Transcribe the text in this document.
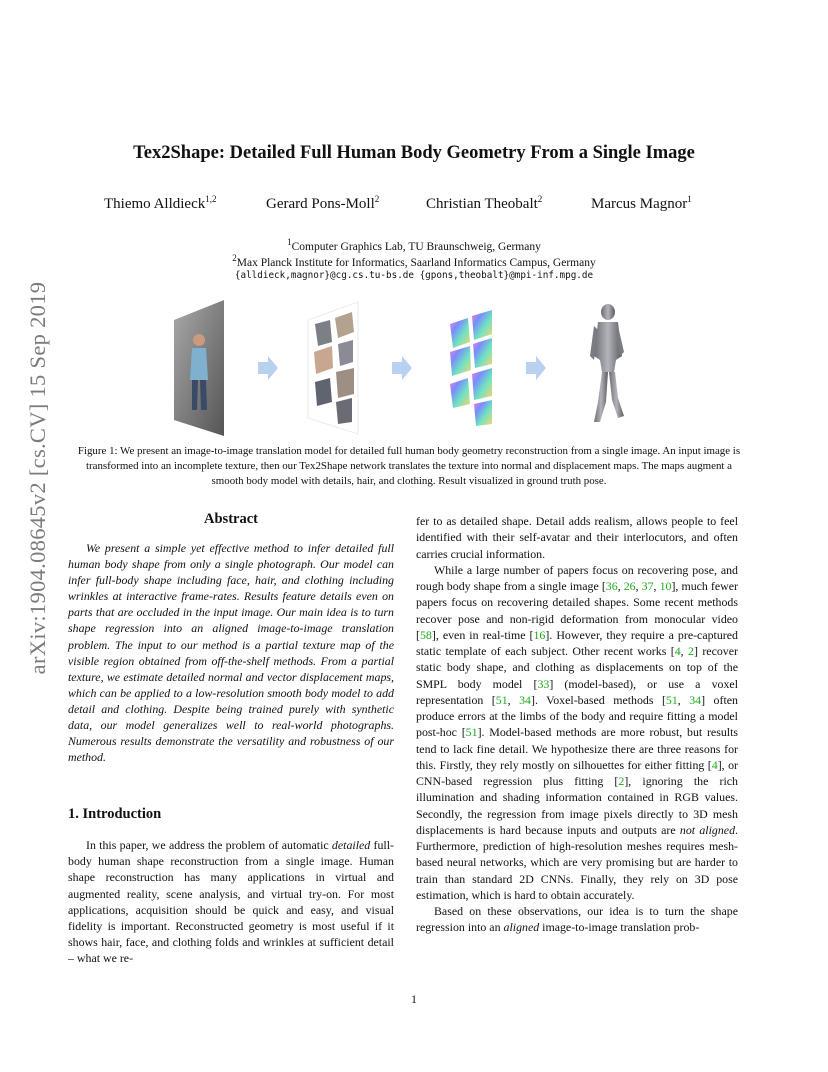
Tex2Shape: Detailed Full Human Body Geometry From a Single Image
Thiemo Alldieck$^{1,2}$	Gerard Pons-Moll$^2$	Christian Theobalt$^2$	Marcus Magnor$^1$
$^1$Computer Graphics Lab, TU Braunschweig, Germany
$^2$Max Planck Institute for Informatics, Saarland Informatics Campus, Germany
{alldieck,magnor}@cg.cs.tu-bs.de {gpons,theobalt}@mpi-inf.mpg.de
arXiv:1904.08645v2 [cs.CV] 15 Sep 2019	Figure 1: We present an image-to-image translation model for detailed full human body geometry reconstruction from a single image. An input image is transformed into an incomplete texture, then our Tex2Shape network translates the texture into normal and displacement maps. The maps augment a smooth body model with details, hair, and clothing. Result visualized in ground truth pose.
Abstract

We present a simple yet effective method to infer detailed full human body shape from only a single photograph. Our model can infer full-body shape including face, hair, and clothing including wrinkles at interactive frame-rates. Results feature details even on parts that are occluded in the input image. Our main idea is to turn shape regression into an aligned image-to-image translation problem. The input to our method is a partial texture map of the visible region obtained from off-the-shelf methods. From a partial texture, we estimate detailed normal and vector displacement maps, which can be applied to a low-resolution smooth body model to add detail and clothing. Despite being trained purely with synthetic data, our model generalizes well to real-world photographs. Numerous results demonstrate the versatility and robustness of our method.

1. Introduction

In this paper, we address the problem of automatic detailed full-body human shape reconstruction from a single image. Human shape reconstruction has many applications in virtual and augmented reality, scene analysis, and virtual try-on. For most applications, acquisition should be quick and easy, and visual fidelity is important. Reconstructed geometry is most useful if it shows hair, face, and clothing folds and wrinkles at sufficient detail – what we re-

fer to as detailed shape. Detail adds realism, allows people to feel identified with their self-avatar and their interlocutors, and often carries crucial information.

While a large number of papers focus on recovering pose, and rough body shape from a single image [36, 26, 37, 10], much fewer papers focus on recovering detailed shapes. Some recent methods recover pose and non-rigid deformation from monocular video [58], even in real-time [16]. However, they require a pre-captured static template of each subject. Other recent works [4, 2] recover static body shape, and clothing as displacements on top of the SMPL body model [33] (model-based), or use a voxel representation [51, 34]. Voxel-based methods [51, 34] often produce errors at the limbs of the body and require fitting a model post-hoc [51]. Model-based methods are more robust, but results tend to lack fine detail. We hypothesize there are three reasons for this. Firstly, they rely mostly on silhouettes for either fitting [4], or CNN-based regression plus fitting [2], ignoring the rich illumination and shading information contained in RGB values. Secondly, the regression from image pixels directly to 3D mesh displacements is hard because inputs and outputs are not aligned. Furthermore, prediction of high-resolution meshes requires mesh-based neural networks, which are very promising but are harder to train than standard 2D CNNs. Finally, they rely on 3D pose estimation, which is hard to obtain accurately.

Based on these observations, our idea is to turn the shape regression into an aligned image-to-image translation prob-

1
